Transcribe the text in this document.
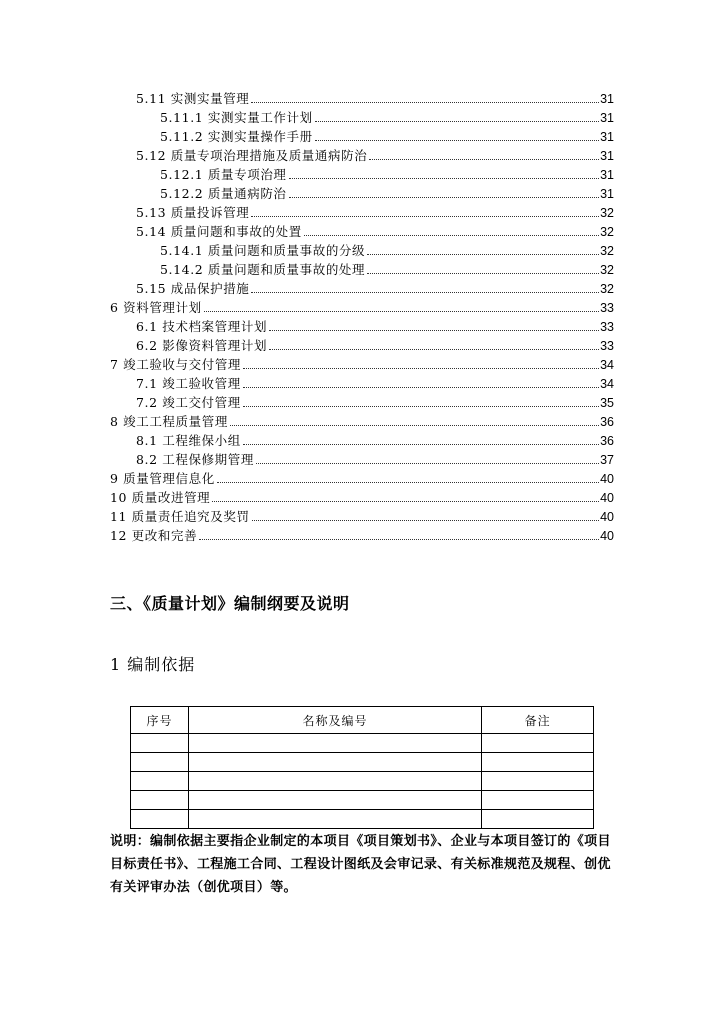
5.11 实测实量管理	31
5.11.1 实测实量工作计划	31
5.11.2 实测实量操作手册	31
5.12 质量专项治理措施及质量通病防治	31
5.12.1 质量专项治理	31
5.12.2 质量通病防治	31
5.13 质量投诉管理	32
5.14 质量问题和事故的处置	32
5.14.1 质量问题和质量事故的分级	32
5.14.2 质量问题和质量事故的处理	32
5.15 成品保护措施	32
6 资料管理计划	33
6.1 技术档案管理计划	33
6.2 影像资料管理计划	33
7 竣工验收与交付管理	34
7.1 竣工验收管理	34
7.2 竣工交付管理	35
8 竣工工程质量管理	36
8.1 工程维保小组	36
8.2 工程保修期管理	37
9 质量管理信息化	40
10 质量改进管理	40
11 质量责任追究及奖罚	40
12 更改和完善	40
三、《质量计划》编制纲要及说明
1 编制依据
序号	名称及编号	备注

说明：编制依据主要指企业制定的本项目《项目策划书》、企业与本项目签订的《项目目标责任书》、工程施工合同、工程设计图纸及会审记录、有关标准规范及规程、创优有关评审办法（创优项目）等。
